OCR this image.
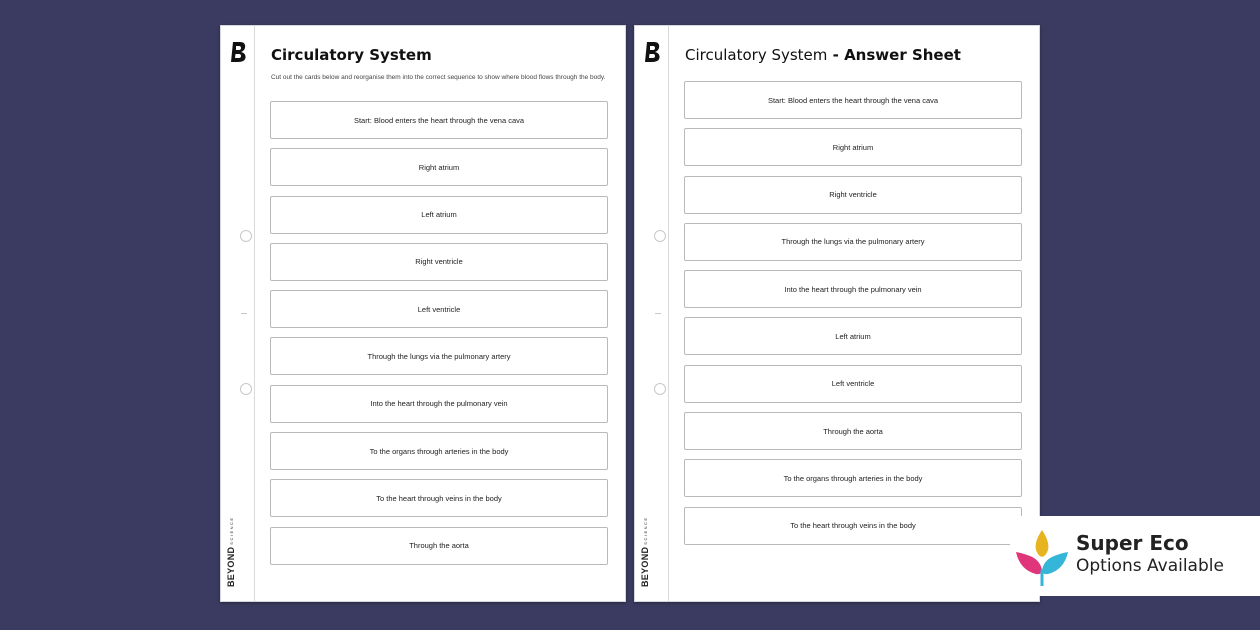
BEYONDSCIENCE
Circulatory System
Cut out the cards below and reorganise them into the correct sequence to show where blood flows through the body.
Start: Blood enters the heart through the vena cava
Right atrium
Left atrium
Right ventricle
Left ventricle
Through the lungs via the pulmonary artery
Into the heart through the pulmonary vein
To the organs through arteries in the body
To the heart through veins in the body
Through the aorta
BEYONDSCIENCE
Circulatory System - Answer Sheet
Start: Blood enters the heart through the vena cava
Right atrium
Right ventricle
Through the lungs via the pulmonary artery
Into the heart through the pulmonary vein
Left atrium
Left ventricle
Through the aorta
To the organs through arteries in the body
To the heart through veins in the body
Super Eco
Options Available
